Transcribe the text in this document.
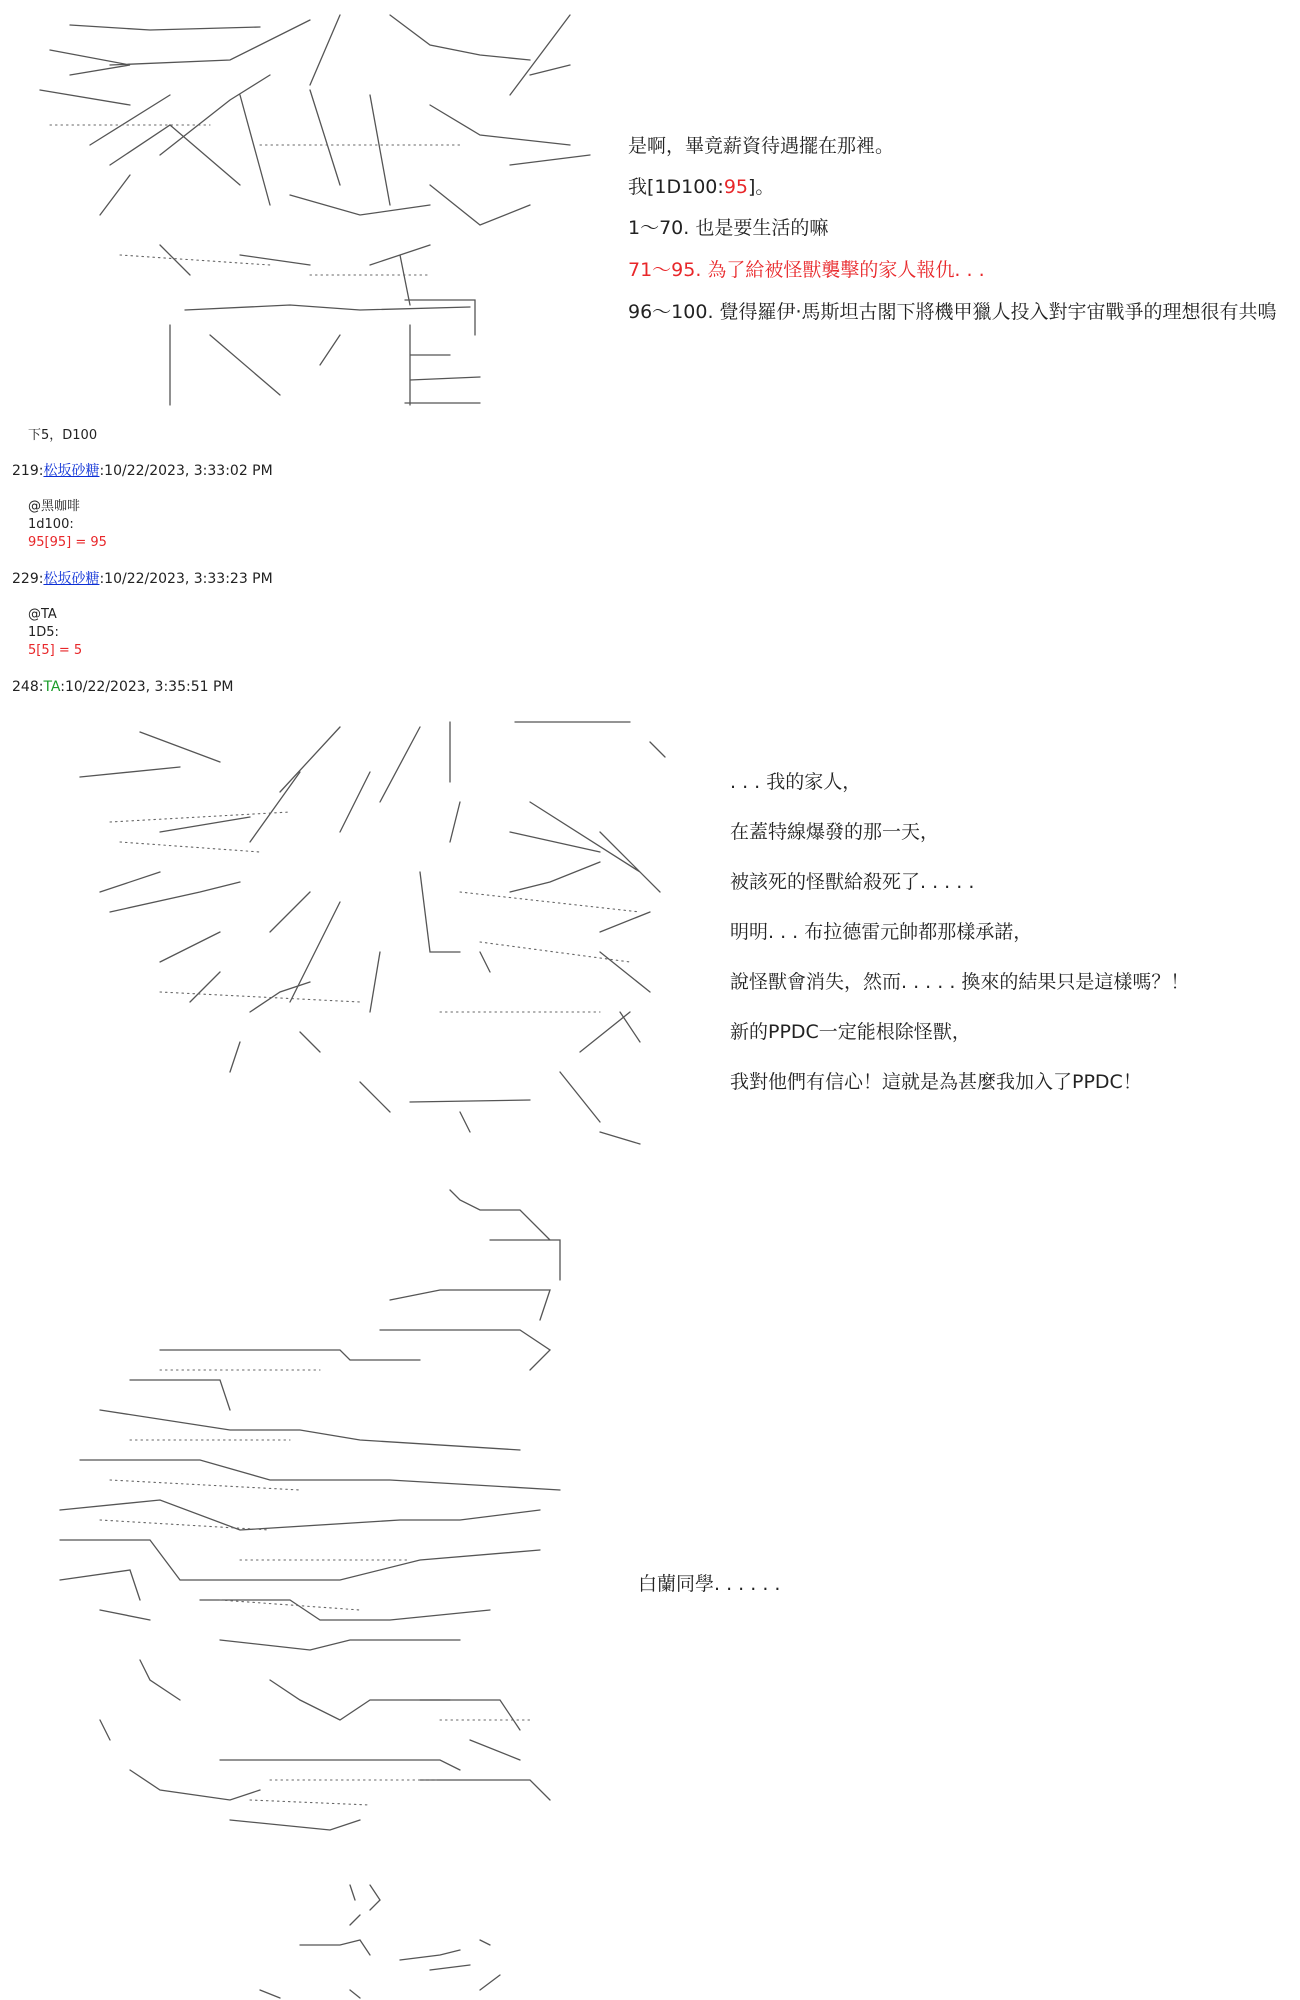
是啊，畢竟薪資待遇擺在那裡。
我[1D100:95]。
1～70. 也是要生活的嘛
71～95. 為了給被怪獸襲擊的家人報仇. . .
96～100. 覺得羅伊·馬斯坦古閣下將機甲獵人投入對宇宙戰爭的理想很有共鳴
下5，D100
219:松坂砂糖:10/22/2023, 3:33:02 PM
@黑咖啡
1d100:
95[95] = 95
229:松坂砂糖:10/22/2023, 3:33:23 PM
@TA
1D5:
5[5] = 5
248:TA:10/22/2023, 3:35:51 PM
. . . 我的家人，
在蓋特線爆發的那一天，
被該死的怪獸給殺死了. . . . .
明明. . . 布拉德雷元帥都那樣承諾，
說怪獸會消失，然而. . . . . 換來的結果只是這樣嗎？！
新的PPDC一定能根除怪獸，
我對他們有信心！這就是為甚麼我加入了PPDC！
白蘭同學. . . . . .
